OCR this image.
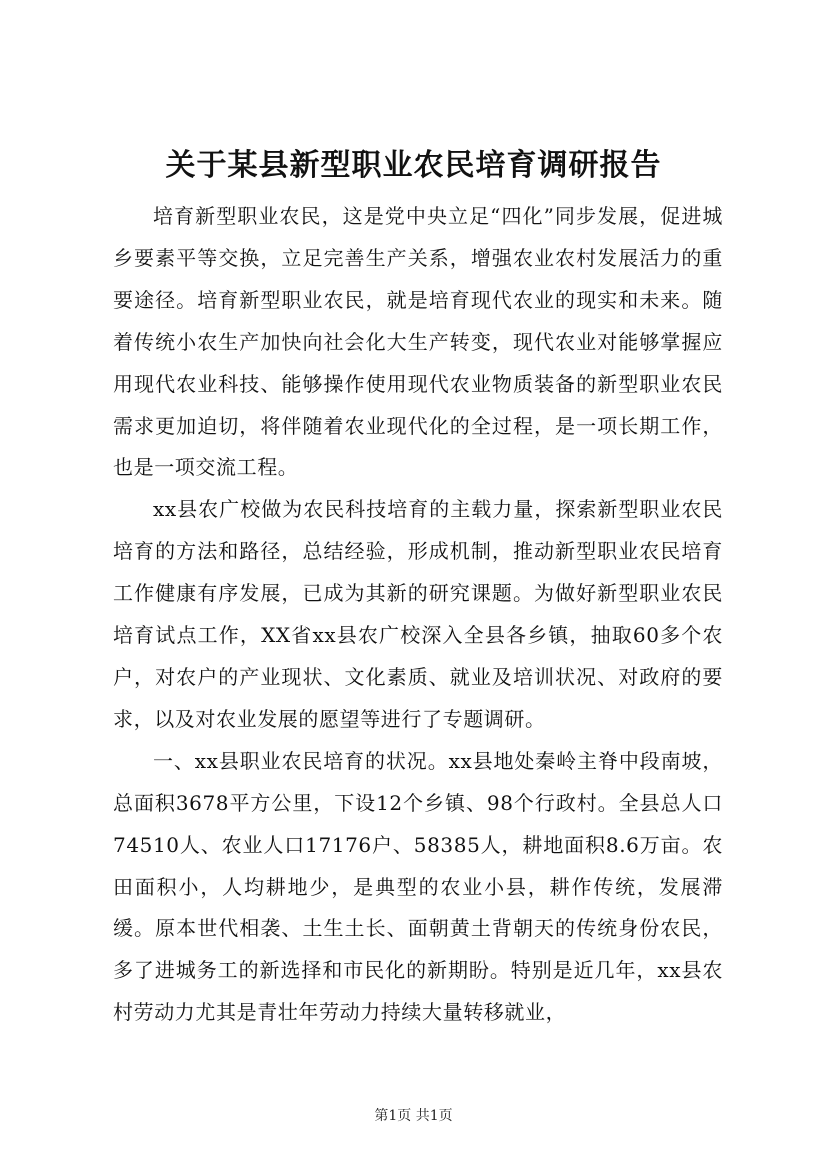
关于某县新型职业农民培育调研报告

培育新型职业农民，这是党中央立足“四化”同步发展，促进城乡要素平等交换，立足完善生产关系，增强农业农村发展活力的重要途径。培育新型职业农民，就是培育现代农业的现实和未来。随着传统小农生产加快向社会化大生产转变，现代农业对能够掌握应用现代农业科技、能够操作使用现代农业物质装备的新型职业农民需求更加迫切，将伴随着农业现代化的全过程，是一项长期工作，也是一项交流工程。

xx县农广校做为农民科技培育的主载力量，探索新型职业农民培育的方法和路径，总结经验，形成机制，推动新型职业农民培育工作健康有序发展，已成为其新的研究课题。为做好新型职业农民培育试点工作，XX省xx县农广校深入全县各乡镇，抽取60多个农户，对农户的产业现状、文化素质、就业及培训状况、对政府的要求，以及对农业发展的愿望等进行了专题调研。

一、xx县职业农民培育的状况。xx县地处秦岭主脊中段南坡，总面积3678平方公里，下设12个乡镇、98个行政村。全县总人口74510人、农业人口17176户、58385人，耕地面积8.6万亩。农田面积小，人均耕地少，是典型的农业小县，耕作传统，发展滞缓。原本世代相袭、土生土长、面朝黄土背朝天的传统身份农民，多了进城务工的新选择和市民化的新期盼。特别是近几年，xx县农村劳动力尤其是青壮年劳动力持续大量转移就业，

第1页 共1页
